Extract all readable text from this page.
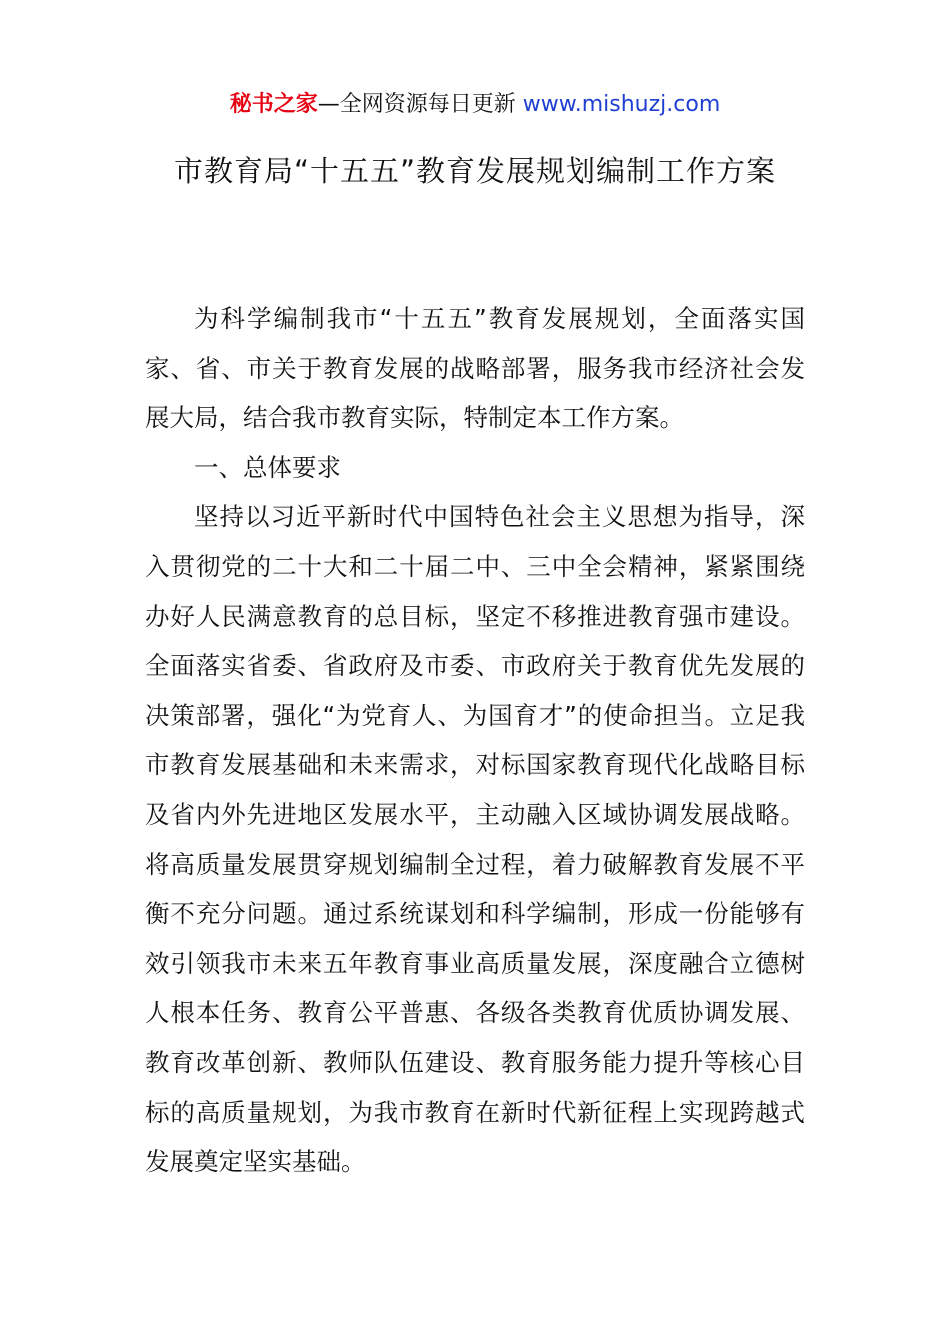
秘书之家—全网资源每日更新 www.mishuzj.com
市教育局“十五五”教育发展规划编制工作方案

为科学编制我市“十五五”教育发展规划，全面落实国家、省、市关于教育发展的战略部署，服务我市经济社会发展大局，结合我市教育实际，特制定本工作方案。

一、总体要求

坚持以习近平新时代中国特色社会主义思想为指导，深入贯彻党的二十大和二十届二中、三中全会精神，紧紧围绕办好人民满意教育的总目标，坚定不移推进教育强市建设。全面落实省委、省政府及市委、市政府关于教育优先发展的决策部署，强化“为党育人、为国育才”的使命担当。立足我市教育发展基础和未来需求，对标国家教育现代化战略目标及省内外先进地区发展水平，主动融入区域协调发展战略。将高质量发展贯穿规划编制全过程，着力破解教育发展不平衡不充分问题。通过系统谋划和科学编制，形成一份能够有效引领我市未来五年教育事业高质量发展，深度融合立德树人根本任务、教育公平普惠、各级各类教育优质协调发展、教育改革创新、教师队伍建设、教育服务能力提升等核心目标的高质量规划，为我市教育在新时代新征程上实现跨越式发展奠定坚实基础。
